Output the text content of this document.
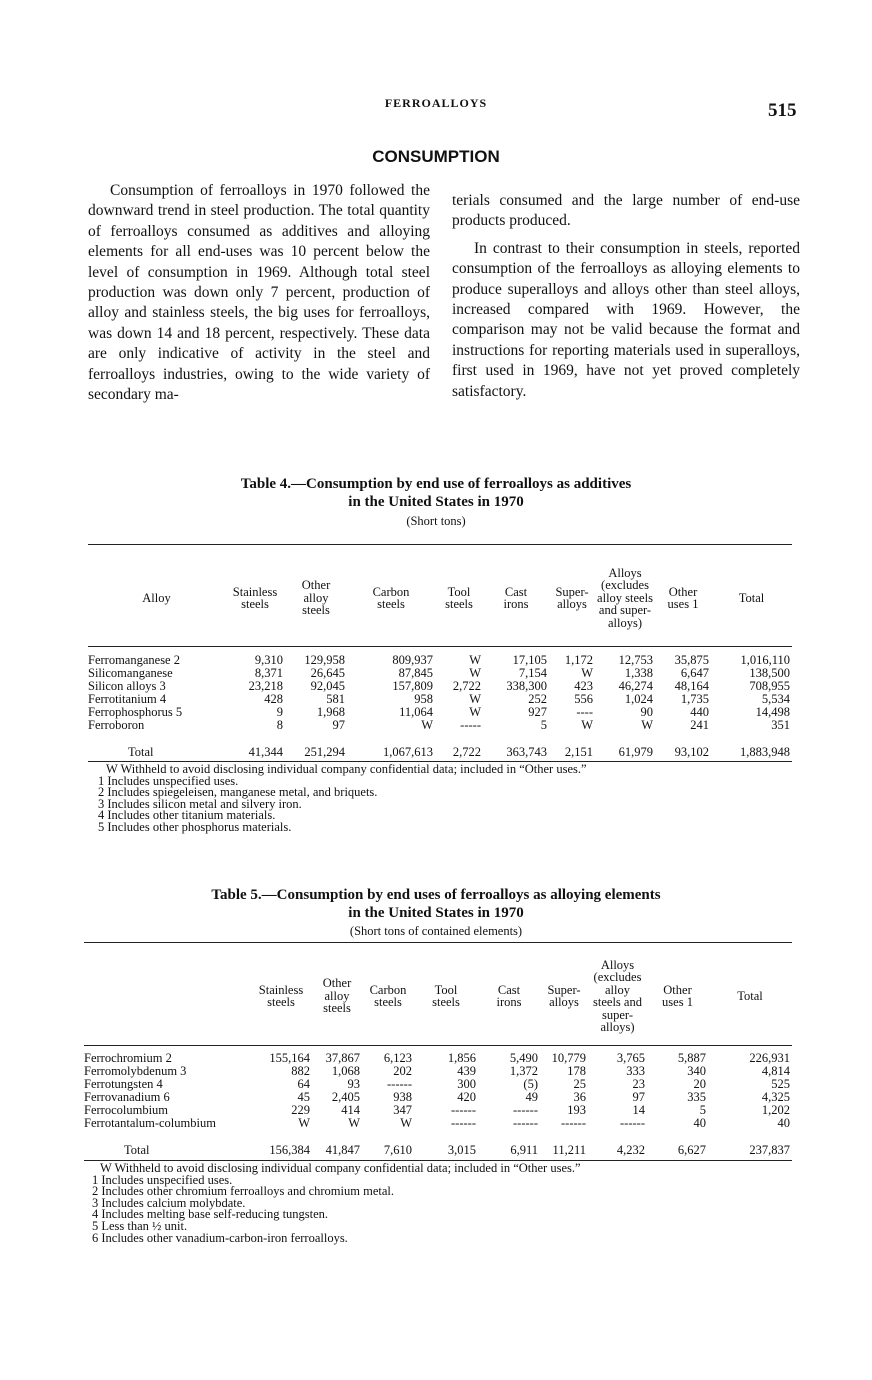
FERROALLOYS	515
CONSUMPTION

Consumption of ferroalloys in 1970 followed the downward trend in steel production. The total quantity of ferroalloys consumed as additives and alloying elements for all end-uses was 10 percent below the level of consumption in 1969. Although total steel production was down only 7 percent, production of alloy and stainless steels, the big uses for ferroalloys, was down 14 and 18 percent, respectively. These data are only indicative of activity in the steel and ferroalloys industries, owing to the wide variety of secondary ma-

terials consumed and the large number of end-use products produced.

In contrast to their consumption in steels, reported consumption of the ferroalloys as alloying elements to produce superalloys and alloys other than steel alloys, increased compared with 1969. However, the comparison may not be valid because the format and instructions for reporting materials used in superalloys, first used in 1969, have not yet proved completely satisfactory.

Table 4.—Consumption by end use of ferroalloys as additives
in the United States in 1970
(Short tons)
Alloy	Stainless steels	Other alloy steels	Carbon steels	Tool steels	Cast irons	Super-alloys	Alloys (excludes alloy steels and super-alloys)	Other uses 1	Total

Ferromanganese 2	9,310	129,958	809,937	W	17,105	1,172	12,753	35,875	1,016,110
Silicomanganese	8,371	26,645	87,845	W	7,154	W	1,338	6,647	138,500
Silicon alloys 3	23,218	92,045	157,809	2,722	338,300	423	46,274	48,164	708,955
Ferrotitanium 4	428	581	958	W	252	556	1,024	1,735	5,534
Ferrophosphorus 5	9	1,968	11,064	W	927	----	90	440	14,498
Ferroboron	8	97	W	-----	5	W	W	241	351

Total	41,344	251,294	1,067,613	2,722	363,743	2,151	61,979	93,102	1,883,948
W Withheld to avoid disclosing individual company confidential data; included in “Other uses.”
1 Includes unspecified uses.
2 Includes spiegeleisen, manganese metal, and briquets.
3 Includes silicon metal and silvery iron.
4 Includes other titanium materials.
5 Includes other phosphorus materials.
Table 5.—Consumption by end uses of ferroalloys as alloying elements
in the United States in 1970
(Short tons of contained elements)
	Stainless steels	Other alloy steels	Carbon steels	Tool steels	Cast irons	Super-alloys	Alloys (excludes alloy steels and super-alloys)	Other uses 1	Total

Ferrochromium 2	155,164	37,867	6,123	1,856	5,490	10,779	3,765	5,887	226,931
Ferromolybdenum 3	882	1,068	202	439	1,372	178	333	340	4,814
Ferrotungsten 4	64	93	------	300	(5)	25	23	20	525
Ferrovanadium 6	45	2,405	938	420	49	36	97	335	4,325
Ferrocolumbium	229	414	347	------	------	193	14	5	1,202
Ferrotantalum-columbium	W	W	W	------	------	------	------	40	40

Total	156,384	41,847	7,610	3,015	6,911	11,211	4,232	6,627	237,837
W Withheld to avoid disclosing individual company confidential data; included in “Other uses.”
1 Includes unspecified uses.
2 Includes other chromium ferroalloys and chromium metal.
3 Includes calcium molybdate.
4 Includes melting base self-reducing tungsten.
5 Less than ½ unit.
6 Includes other vanadium-carbon-iron ferroalloys.
